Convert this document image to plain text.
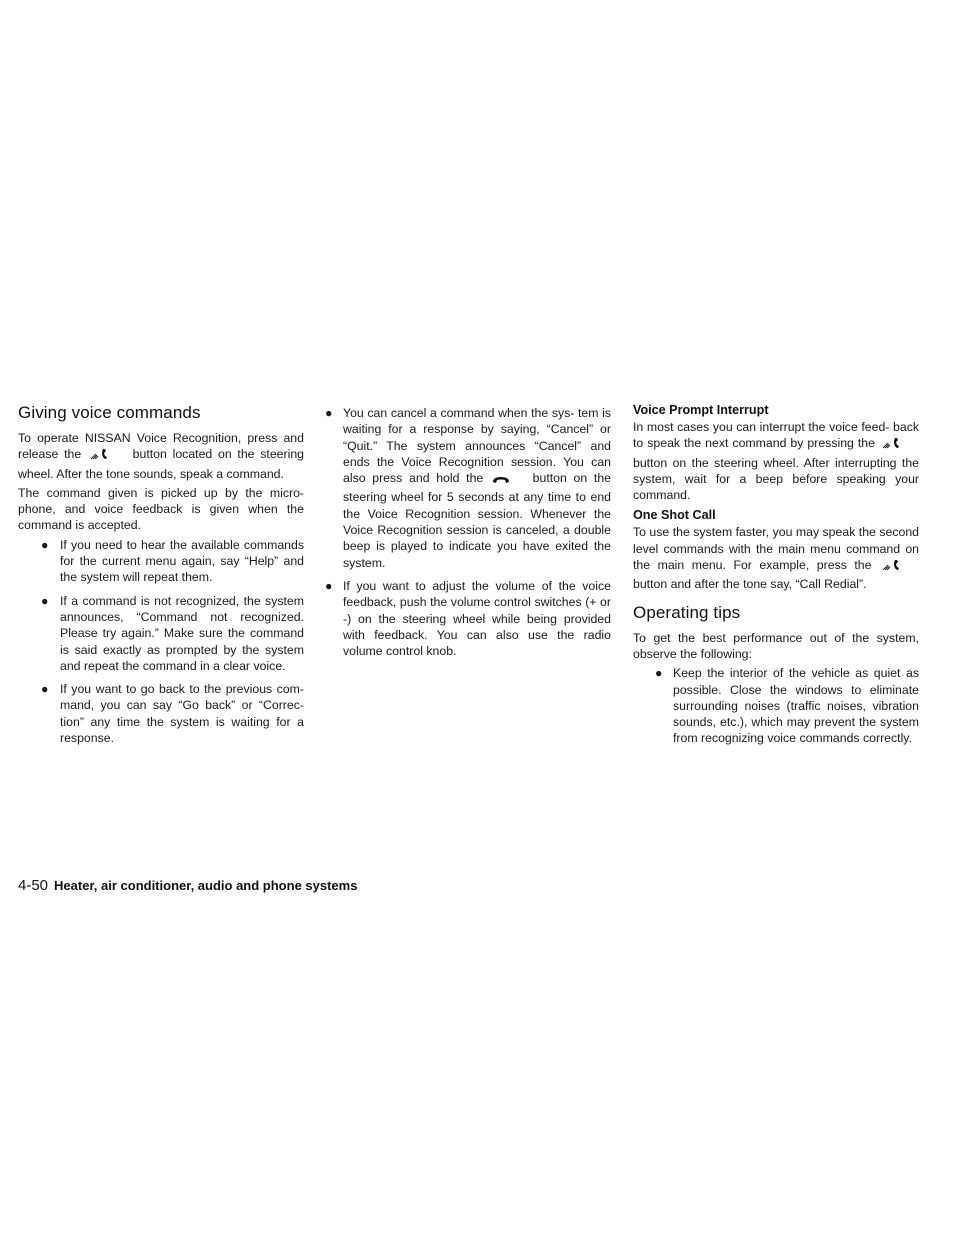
Giving voice commands

To operate NISSAN Voice Recognition, press and release the	button located on the steering wheel. After the tone sounds, speak a command.

The command given is picked up by the micro- phone, and voice feedback is given when the command is accepted.

● If you need to hear the available commands for the current menu again, say “Help” and the system will repeat them.
● If a command is not recognized, the system announces, “Command not recognized. Please try again.” Make sure the command is said exactly as prompted by the system and repeat the command in a clear voice.
● If you want to go back to the previous com- mand, you can say “Go back” or “Correc- tion” any time the system is waiting for a response.
● You can cancel a command when the sys- tem is waiting for a response by saying, “Cancel” or “Quit.” The system announces “Cancel” and ends the Voice Recognition session. You can also press and hold the	button on the steering wheel for 5 seconds at any time to end the Voice Recognition session. Whenever the Voice Recognition session is canceled, a double beep is played to indicate you have exited the system.
● If you want to adjust the volume of the voice feedback, push the volume control switches (+ or -) on the steering wheel while being provided with feedback. You can also use the radio volume control knob.
Voice Prompt Interrupt

In most cases you can interrupt the voice feed- back to speak the next command by pressing the  button on the steering wheel. After interrupting the system, wait for a beep before speaking your command.

One Shot Call

To use the system faster, you may speak the second level commands with the main menu command on the main menu. For example, press the  button and after the tone say, “Call Redial”.

Operating tips

To get the best performance out of the system, observe the following:

● Keep the interior of the vehicle as quiet as possible. Close the windows to eliminate surrounding noises (traffic noises, vibration sounds, etc.), which may prevent the system from recognizing voice commands correctly.
4-50 Heater, air conditioner, audio and phone systems
